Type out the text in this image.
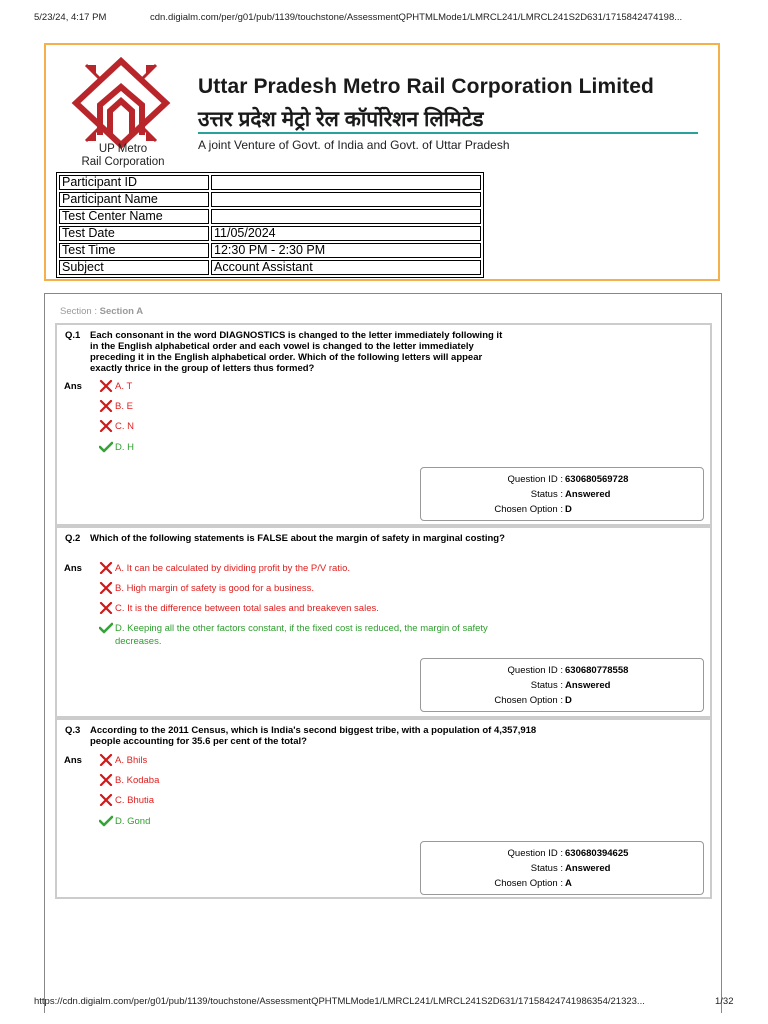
5/23/24, 4:17 PM	cdn.digialm.com/per/g01/pub/1139/touchstone/AssessmentQPHTMLMode1/LMRCL241/LMRCL241S2D631/1715842474198...
UP Metro
Rail Corporation
Uttar Pradesh Metro Rail Corporation Limited
उत्तर प्रदेश मेट्रो रेल कॉर्पोरेशन लिमिटेड
A joint Venture of Govt. of India and Govt. of Uttar Pradesh
Participant ID	
Participant Name	
Test Center Name	
Test Date	11/05/2024
Test Time	12:30 PM - 2:30 PM
Subject	Account Assistant
Section : Section A
Q.1 Each consonant in the word DIAGNOSTICS is changed to the letter immediately following it in the English alphabetical order and each vowel is changed to the letter immediately preceding it in the English alphabetical order. Which of the following letters will appear exactly thrice in the group of letters thus formed?
Ans	A. T
B. E
C. N
D. H
Question ID : 630680569728
Status : Answered
Chosen Option : D
Q.2 Which of the following statements is FALSE about the margin of safety in marginal costing?
Ans	A. It can be calculated by dividing profit by the P/V ratio.
B. High margin of safety is good for a business.
C. It is the difference between total sales and breakeven sales.
D. Keeping all the other factors constant, if the fixed cost is reduced, the margin of safety decreases.
Question ID : 630680778558
Status : Answered
Chosen Option : D
Q.3 According to the 2011 Census, which is India's second biggest tribe, with a population of 4,357,918 people accounting for 35.6 per cent of the total?
Ans	A. Bhils
B. Kodaba
C. Bhutia
D. Gond
Question ID : 630680394625
Status : Answered
Chosen Option : A
https://cdn.digialm.com/per/g01/pub/1139/touchstone/AssessmentQPHTMLMode1/LMRCL241/LMRCL241S2D631/17158424741986354/21323...	1/32
